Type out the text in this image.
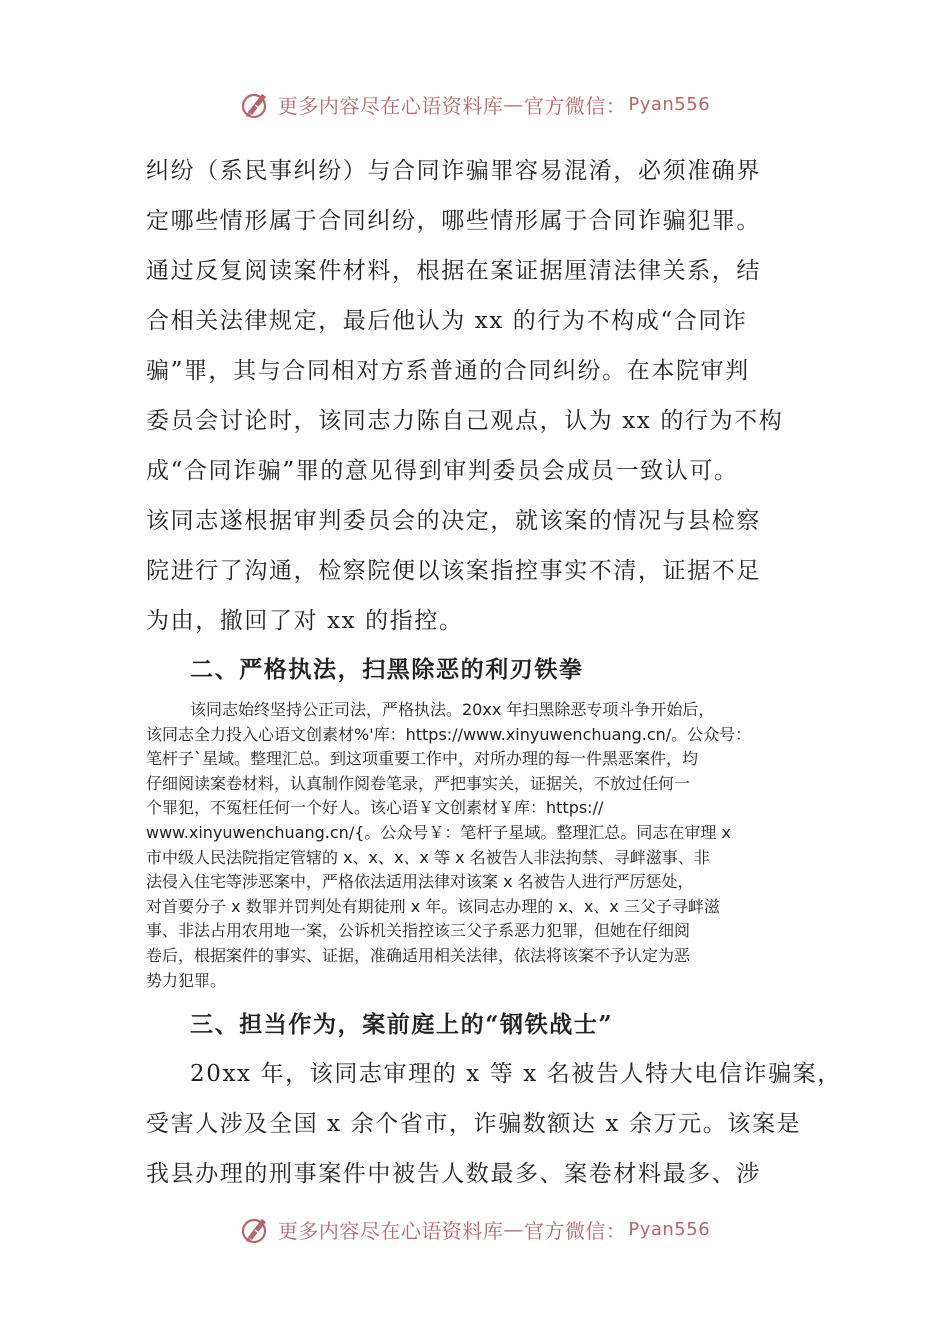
更多内容尽在心语资料库 — 官方微信： Pyan556

纠纷（系民事纠纷）与合同诈骗罪容易混淆，必须准确界
定哪些情形属于合同纠纷，哪些情形属于合同诈骗犯罪。
通过反复阅读案件材料，根据在案证据厘清法律关系，结
合相关法律规定，最后他认为 xx 的行为不构成“合同诈
骗”罪，其与合同相对方系普通的合同纠纷。在本院审判
委员会讨论时，该同志力陈自己观点，认为 xx 的行为不构
成“合同诈骗”罪的意见得到审判委员会成员一致认可。
该同志遂根据审判委员会的决定，就该案的情况与县检察
院进行了沟通，检察院便以该案指控事实不清，证据不足
为由，撤回了对 xx 的指控。

二、严格执法，扫黑除恶的利刃铁拳

该同志始终坚持公正司法，严格执法。20xx 年扫黑除恶专项斗争开始后，
该同志全力投入心语文创素材%'库：https://www.xinyuwenchuang.cn/。公众号：
笔杆子`星域。整理汇总。到这项重要工作中，对所办理的每一件黑恶案件，均
仔细阅读案卷材料，认真制作阅卷笔录，严把事实关，证据关，不放过任何一
个罪犯，不冤枉任何一个好人。该心语￥文创素材￥库：https://
www.xinyuwenchuang.cn/{。公众号￥：笔杆子星域。整理汇总。同志在审理 x
市中级人民法院指定管辖的 x、x、x、x 等 x 名被告人非法拘禁、寻衅滋事、非
法侵入住宅等涉恶案中，严格依法适用法律对该案 x 名被告人进行严厉惩处，
对首要分子 x 数罪并罚判处有期徒刑 x 年。该同志办理的 x、x、x 三父子寻衅滋
事、非法占用农用地一案，公诉机关指控该三父子系恶力犯罪，但她在仔细阅
卷后，根据案件的事实、证据，准确适用相关法律，依法将该案不予认定为恶
势力犯罪。

三、担当作为，案前庭上的“钢铁战士”

20xx 年，该同志审理的 x 等 x 名被告人特大电信诈骗案，
受害人涉及全国 x 余个省市，诈骗数额达 x 余万元。该案是
我县办理的刑事案件中被告人数最多、案卷材料最多、涉

更多内容尽在心语资料库 — 官方微信： Pyan556
